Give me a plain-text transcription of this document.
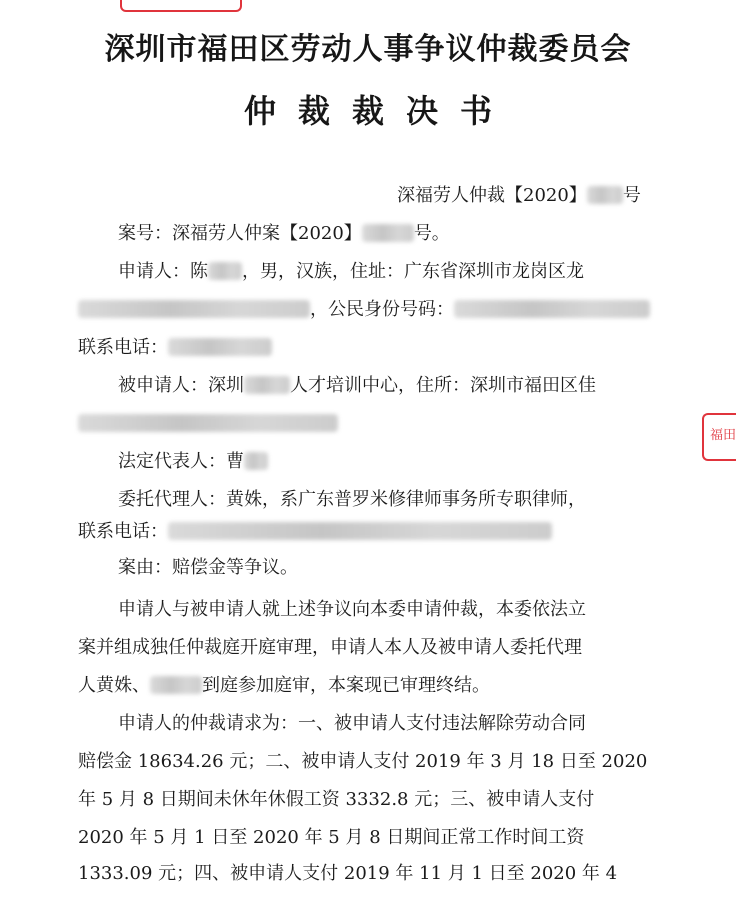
福田
深圳市福田区劳动人事争议仲裁委员会
仲裁裁决书
深福劳人仲裁【2020】 号
案号：深福劳人仲案【2020】	号。
申请人：陈 ，男，汉族，住址：广东省深圳市龙岗区龙
，公民身份号码：
联系电话：
被申请人：深圳	人才培训中心，住所：深圳市福田区佳
法定代表人：曹
委托代理人：黄姝，系广东普罗米修律师事务所专职律师，
联系电话：
案由：赔偿金等争议。
申请人与被申请人就上述争议向本委申请仲裁，本委依法立
案并组成独任仲裁庭开庭审理，申请人本人及被申请人委托代理
人黄姝、	到庭参加庭审，本案现已审理终结。
申请人的仲裁请求为：一、被申请人支付违法解除劳动合同
赔偿金 18634.26 元；二、被申请人支付 2019 年 3 月 18 日至 2020
年 5 月 8 日期间未休年休假工资 3332.8 元；三、被申请人支付
2020 年 5 月 1 日至 2020 年 5 月 8 日期间正常工作时间工资
1333.09 元；四、被申请人支付 2019 年 11 月 1 日至 2020 年 4
